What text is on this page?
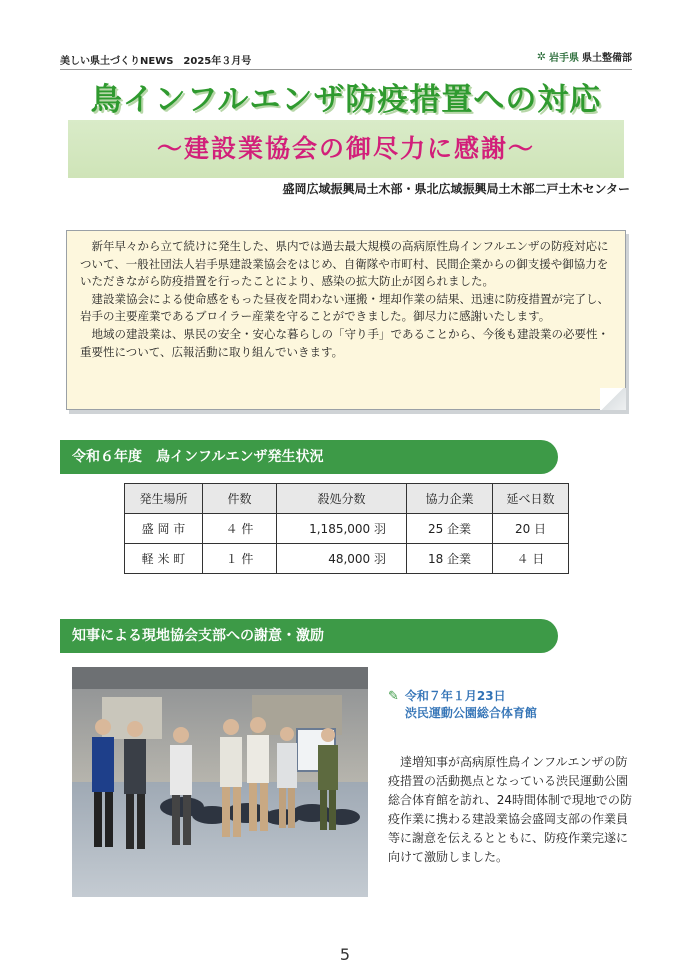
美しい県土づくりNEWS　2025年３月号	✲ 岩手県 県土整備部
鳥インフルエンザ防疫措置への対応
～建設業協会の御尽力に感謝～
盛岡広域振興局土木部・県北広域振興局土木部二戸土木センター

新年早々から立て続けに発生した、県内では過去最大規模の高病原性鳥インフルエンザの防疫対応について、一般社団法人岩手県建設業協会をはじめ、自衛隊や市町村、民間企業からの御支援や御協力をいただきながら防疫措置を行ったことにより、感染の拡大防止が図られました。

建設業協会による使命感をもった昼夜を問わない運搬・埋却作業の結果、迅速に防疫措置が完了し、岩手の主要産業であるブロイラー産業を守ることができました。御尽力に感謝いたします。

地域の建設業は、県民の安全・安心な暮らしの「守り手」であることから、今後も建設業の必要性・重要性について、広報活動に取り組んでいきます。

令和６年度　鳥インフルエンザ発生状況
発生場所	件数	殺処分数	協力企業	延べ日数
盛 岡 市	４ 件	1,185,000 羽	25 企業	20 日
軽 米 町	１ 件	48,000 羽	18 企業	４ 日
知事による現地協会支部への謝意・激励
✎ 令和７年１月23日
渋民運動公園総合体育館

達増知事が高病原性鳥インフルエンザの防疫措置の活動拠点となっている渋民運動公園総合体育館を訪れ、24時間体制で現地での防疫作業に携わる建設業協会盛岡支部の作業員等に謝意を伝えるとともに、防疫作業完遂に向けて激励しました。

5
